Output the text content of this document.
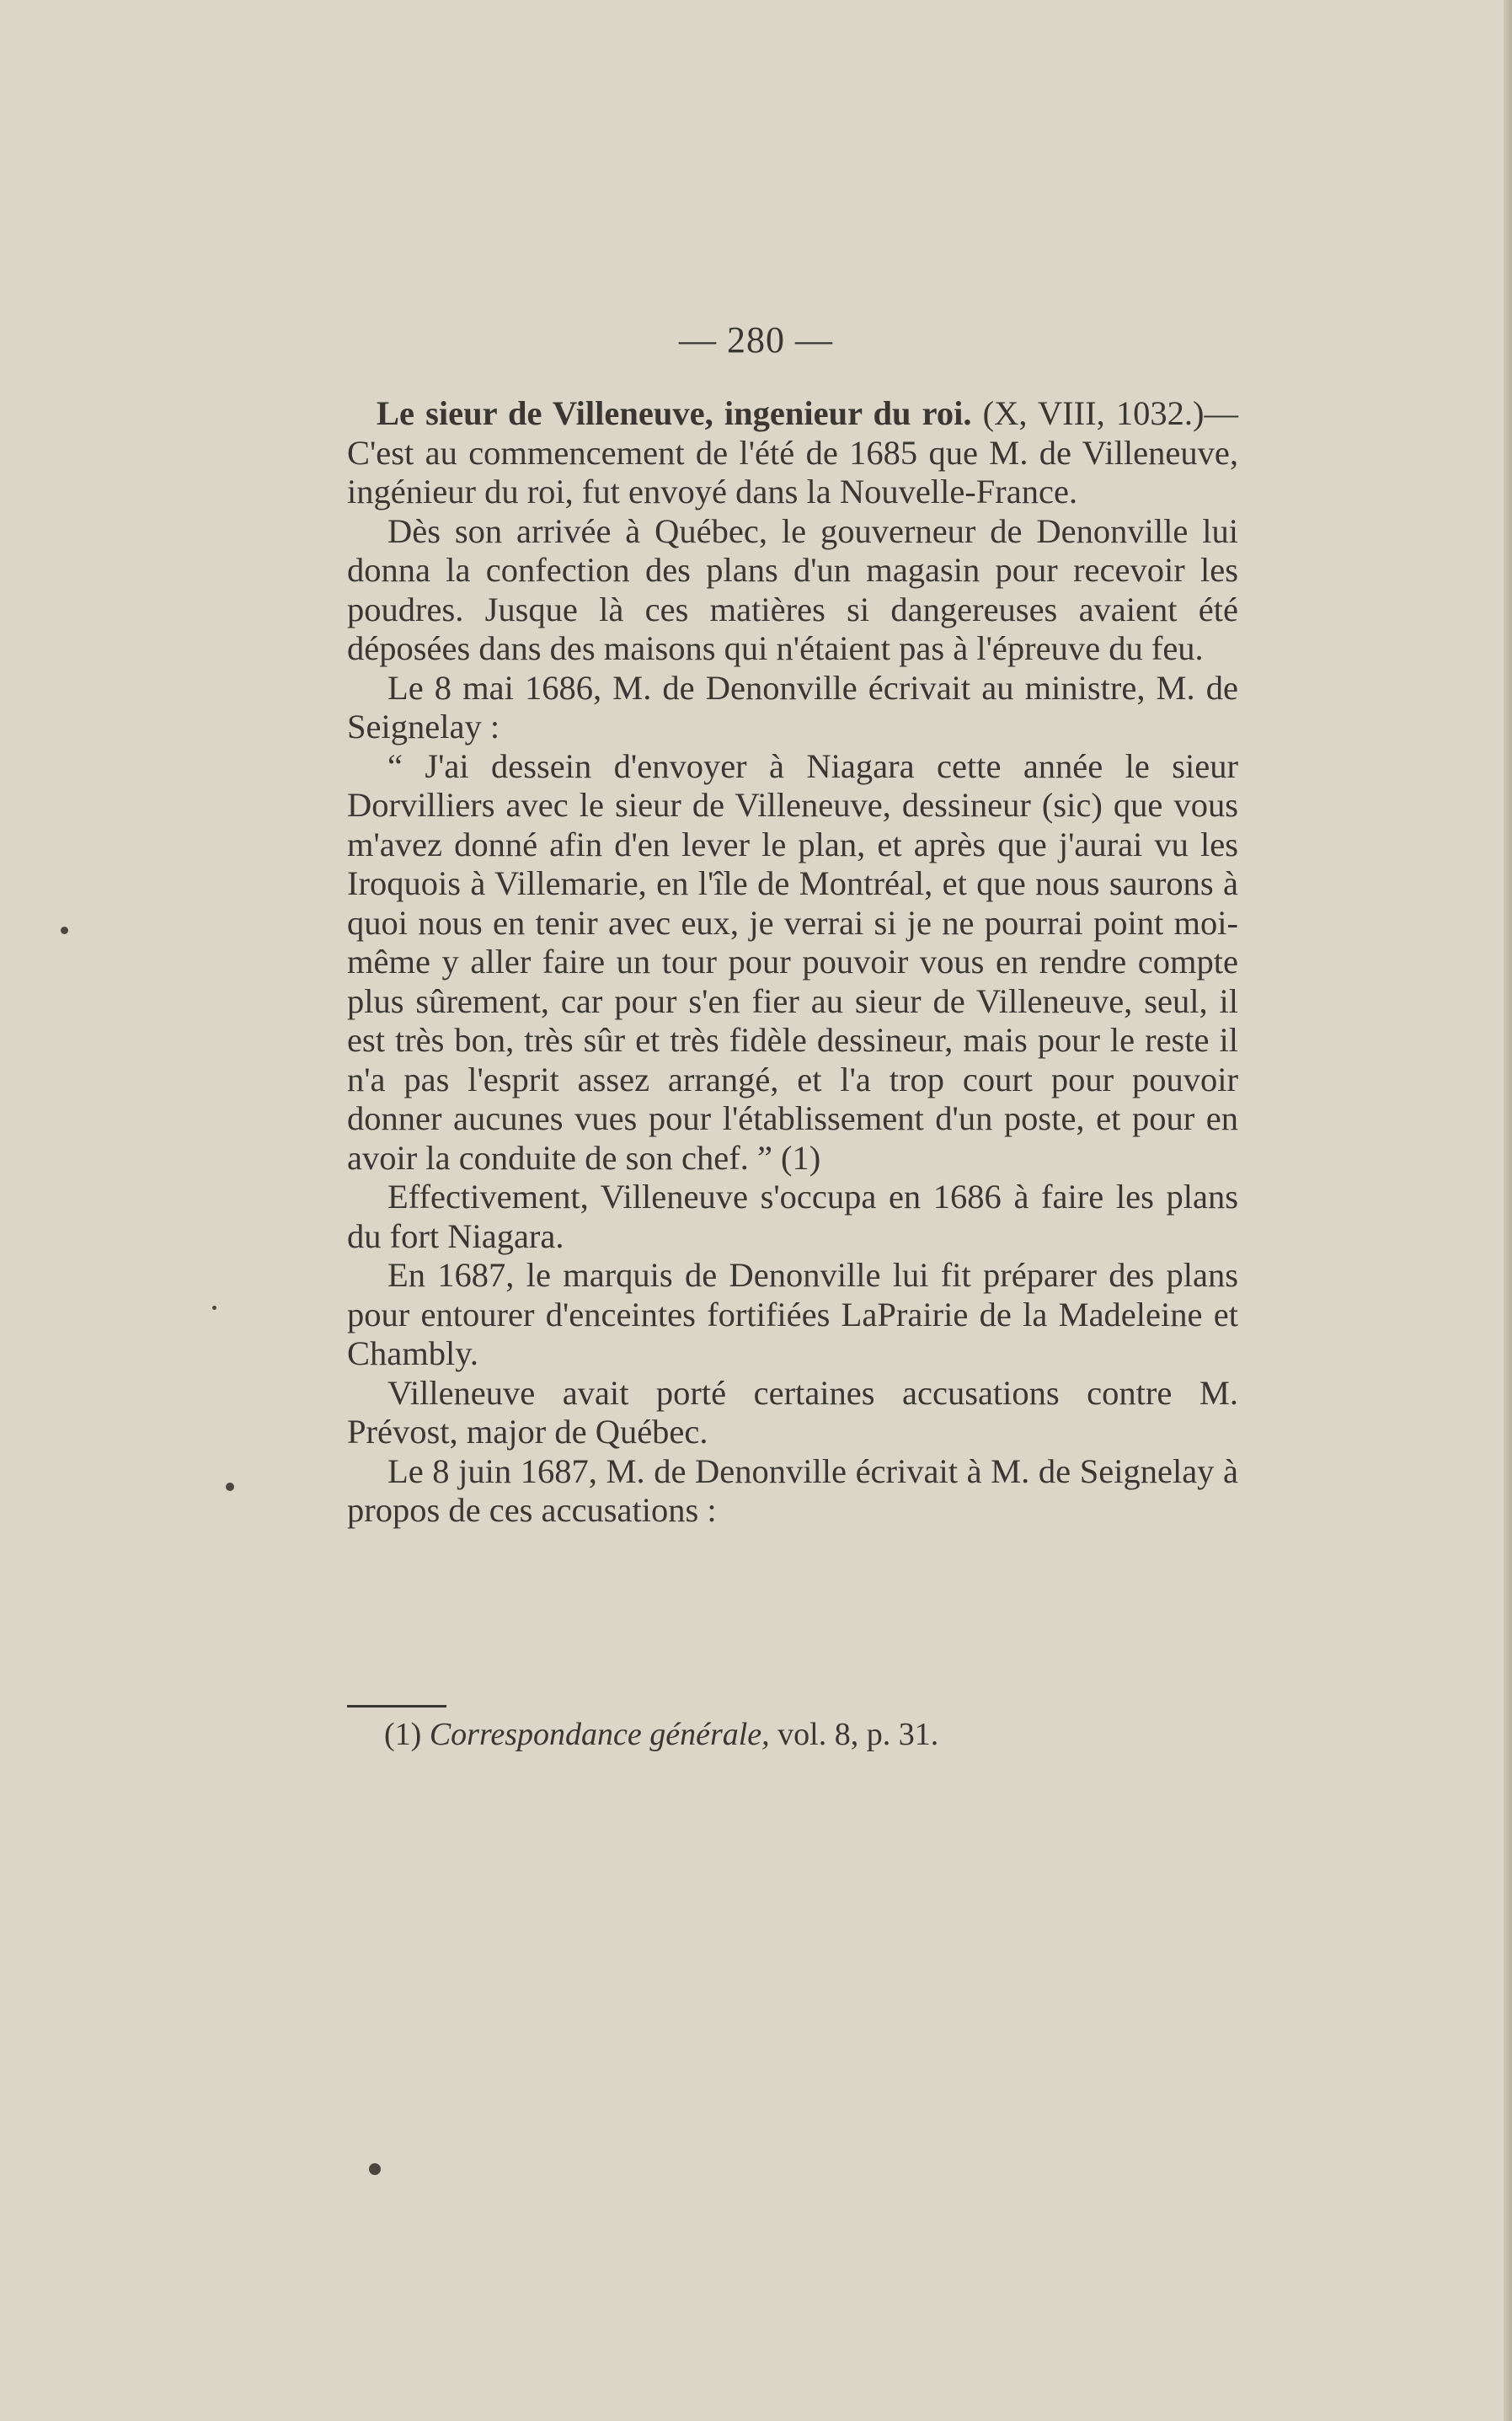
— 280 —

Le sieur de Villeneuve, ingenieur du roi. (X, VIII, 1032.)—C'est au commencement de l'été de 1685 que M. de Villeneuve, ingénieur du roi, fut envoyé dans la Nouvelle-France.

Dès son arrivée à Québec, le gouverneur de Denonville lui donna la confection des plans d'un magasin pour recevoir les poudres. Jusque là ces matières si dangereuses avaient été déposées dans des maisons qui n'étaient pas à l'épreuve du feu.

Le 8 mai 1686, M. de Denonville écrivait au ministre, M. de Seignelay :

“ J'ai dessein d'envoyer à Niagara cette année le sieur Dorvilliers avec le sieur de Villeneuve, dessineur (sic) que vous m'avez donné afin d'en lever le plan, et après que j'aurai vu les Iroquois à Villemarie, en l'île de Montréal, et que nous saurons à quoi nous en tenir avec eux, je verrai si je ne pourrai point moi-même y aller faire un tour pour pouvoir vous en rendre compte plus sûrement, car pour s'en fier au sieur de Villeneuve, seul, il est très bon, très sûr et très fidèle dessineur, mais pour le reste il n'a pas l'esprit assez arrangé, et l'a trop court pour pouvoir donner aucunes vues pour l'établissement d'un poste, et pour en avoir la conduite de son chef. ” (1)

Effectivement, Villeneuve s'occupa en 1686 à faire les plans du fort Niagara.

En 1687, le marquis de Denonville lui fit préparer des plans pour entourer d'enceintes fortifiées LaPrairie de la Madeleine et Chambly.

Villeneuve avait porté certaines accusations contre M. Prévost, major de Québec.

Le 8 juin 1687, M. de Denonville écrivait à M. de Seignelay à propos de ces accusations :

(1) Correspondance générale, vol. 8, p. 31.
